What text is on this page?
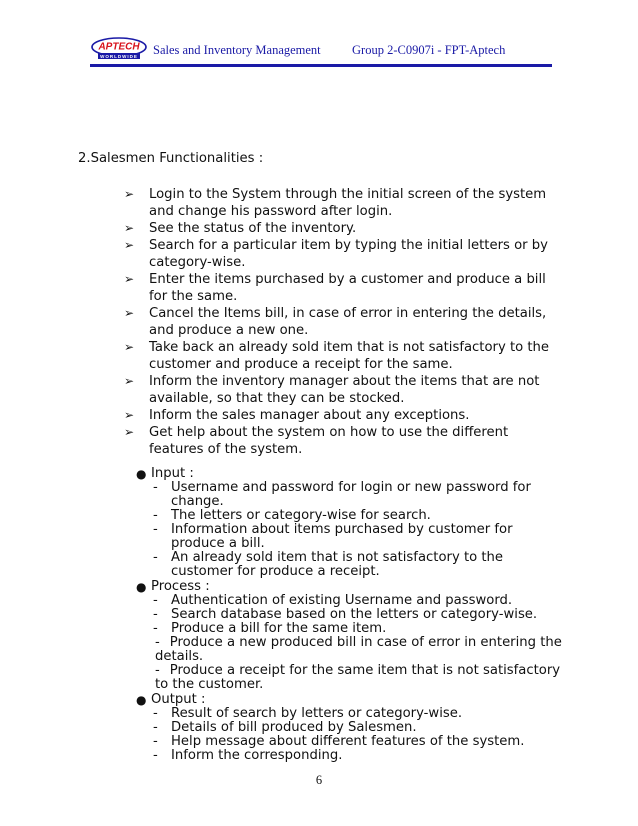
APTECH
WORLDWIDE Sales and Inventory Management	Group 2-C0907i - FPT-Aptech
2.Salesmen Functionalities :
➢ Login to the System through the initial screen of the system and change his password after login.
➢ See the status of the inventory.
➢ Search for a particular item by typing the initial letters or by category-wise.
➢ Enter the items purchased by a customer and produce a bill for the same.
➢ Cancel the Items bill, in case of error in entering the details, and produce a new one.
➢ Take back an already sold item that is not satisfactory to the customer and produce a receipt for the same.
➢ Inform the inventory manager about the items that are not available, so that they can be stocked.
➢ Inform the sales manager about any exceptions.
➢ Get help about the system on how to use the different features of the system.
● Input :
- Username and password for login or new password for change.
- The letters or category-wise for search.
- Information about items purchased by customer for produce a bill.
- An already sold item that is not satisfactory to the customer for produce a receipt.
● Process :
- Authentication of existing Username and password.
- Search database based on the letters or category-wise.
- Produce a bill for the same item.
- Produce a new produced bill in case of error in entering the details.
- Produce a receipt for the same item that is not satisfactory to the customer.
● Output :
- Result of search by letters or category-wise.
- Details of bill produced by Salesmen.
- Help message about different features of the system.
- Inform the corresponding.
6
